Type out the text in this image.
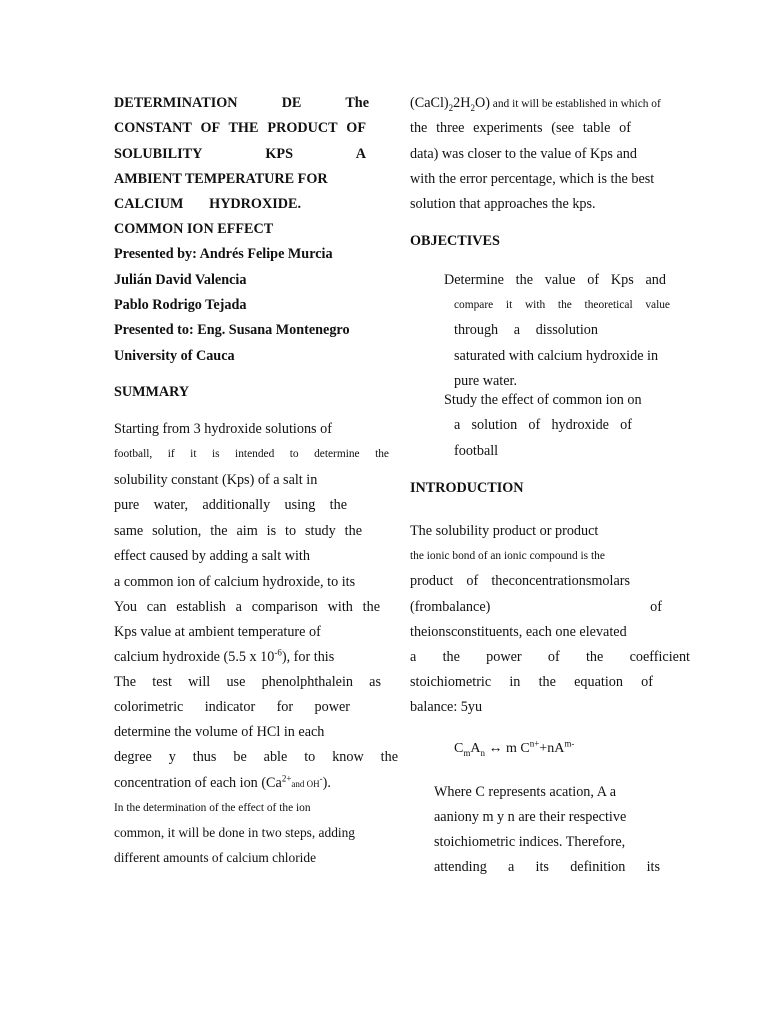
DETERMINATION DE The
CONSTANT OF THE PRODUCT OF
SOLUBILITY KPS A
AMBIENT TEMPERATURE FOR
CALCIUM HYDROXIDE.
COMMON ION EFFECT
Presented by: Andrés Felipe Murcia
Julián David Valencia
Pablo Rodrigo Tejada
Presented to: Eng. Susana Montenegro
University of Cauca
SUMMARY
Starting from 3 hydroxide solutions of
football, if it is intended to determine the
solubility constant (Kps) of a salt in
pure water, additionally using the
same solution, the aim is to study the
effect caused by adding a salt with
a common ion of calcium hydroxide, to its
You can establish a comparison with the
Kps value at ambient temperature of
calcium hydroxide (5.5 x $10^{-6}$), for this
The test will use phenolphthalein as
colorimetric indicator for power
determine the volume of HCl in each
degree y thus be able to know the
concentration of each ion ($Ca^{2+}and$ OH-).
In the determination of the effect of the ion
common, it will be done in two steps, adding
different amounts of calcium chloride
$(CaCl)_22H_2O$) and it will be established in which of
the three experiments (see table of
data) was closer to the value of Kps and
with the error percentage, which is the best
solution that approaches the kps.
OBJECTIVES
Determine the value of Kps and
compare it with the theoretical value
through a dissolution
saturated with calcium hydroxide in
pure water.
Study the effect of common ion on
a solution of hydroxide of
football
INTRODUCTION
The solubility product or product
the ionic bond of an ionic compound is the
product of theconcentrationsmolars
(frombalance) of
theionsconstituents, each one elevated
a the power of the coefficient
stoichiometric in the equation of
balance: 5yu
$C_mA_n$ ↔ m $C^{n+}+nA^{m-}$
Where C represents acation, A a
aaniony m y n are their respective
stoichiometric indices. Therefore,
attending a its definition its
